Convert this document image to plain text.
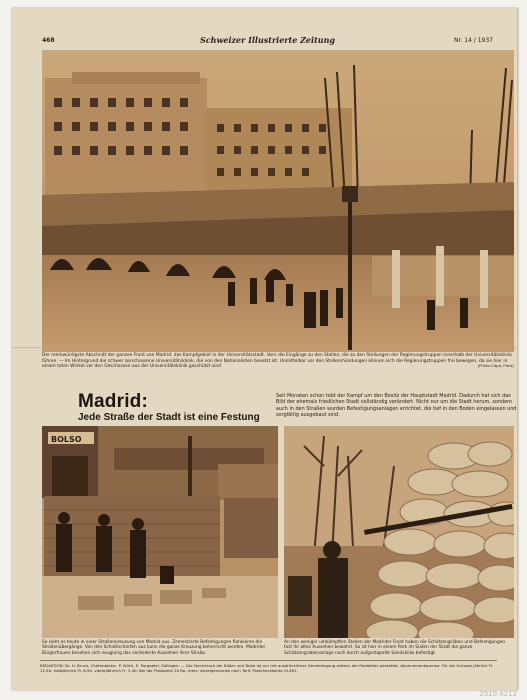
468	Schweizer Illustrierte Zeitung	Nr. 14 / 1937
Der merkwürdigste Abschnitt der ganzen Front von Madrid: das Kampfgebiet in der Universitätsstadt. Vorn die Eingänge zu den Stollen, die zu den Stellungen der Regierungstruppen innerhalb der Universitätsklinik führen. — Im Hintergrund die schwer zerschossene Universitätsklinik, die von den Nationalisten besetzt ist. Unmittelbar vor den Stollenmündungen können sich die Regierungstruppen frei bewegen, da sie hier in einem toten Winkel vor den Geschossen aus der Universitätsklinik geschützt sind	(Photo Capa, Paris)
Madrid:
Jede Straße der Stadt ist eine Festung
Seit Monaten schon tobt der Kampf um den Besitz der Hauptstadt Madrid. Dadurch hat sich das Bild der ehemals friedlichen Stadt vollständig verändert. Nicht nur um die Stadt herum, sondern auch in den Straßen wurden Befestigungsanlagen errichtet, die tief in den Boden eingelassen und sorgfältig ausgebaut sind.
BOLSO
So sieht es heute in einer Straßenkreuzung von Madrid aus. Zementierte Befestigungen flankieren die Straßenübergänge. Von den Schießscharten aus kann die ganze Kreuzung beherrscht werden. Madrider Bürgerfrauen besehen sich neugierig das veränderte Aussehen ihrer Straße.
An den weniger umkämpften Stellen der Madrider Front haben die Schützengräben und Befestigungen fast ihr altes Aussehen bewahrt. So ist hier in einem Park im Süden der Stadt die ganze Schützengrabenanlage noch durch aufgestapelte Sandsäcke befestigt.
REDAKTION: Dr. H. Bruck, Chefredaktor, P. Wirth, E. Pargaetzi, Zofingen. — Der Nachdruck der Bilder und Texte ist nur mit ausdrücklicher Genehmigung seitens der Redaktion gestattet. Abonnementspreise: Für die Schweiz jährlich Fr. 12.50, halbjährlich Fr. 6.50, vierteljährlich Fr. 3.40. Bei der Poststelle 20 Rp. mehr. Anzeigenpreise nach Tarif. Postcheckkonto VI.481.
2010.4212
